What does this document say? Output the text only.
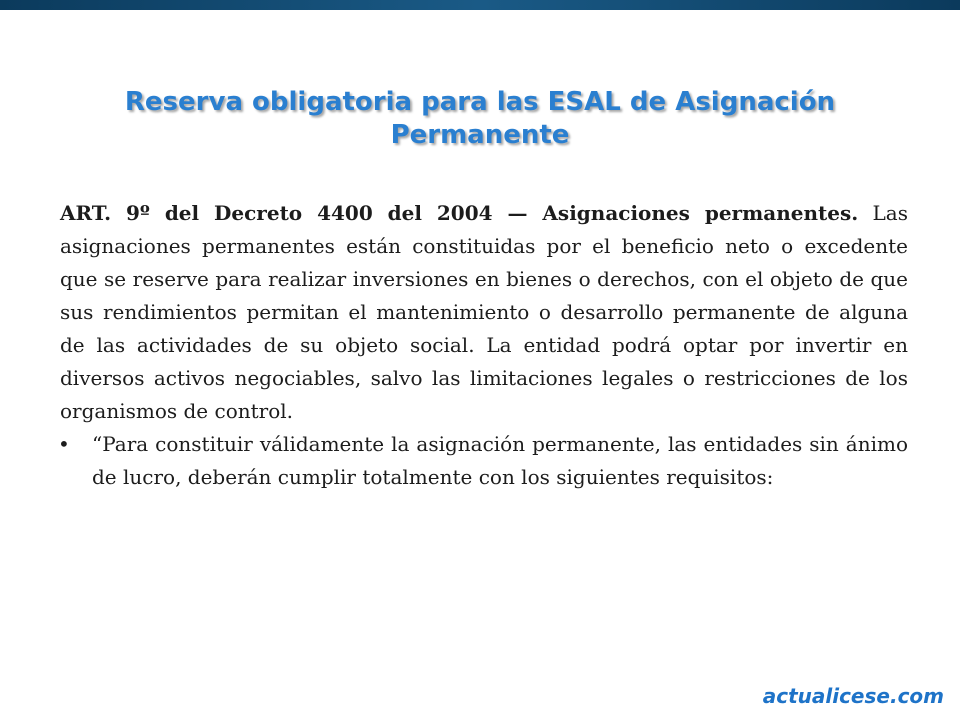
Reserva obligatoria para las ESAL de Asignación Permanente

ART. 9º del Decreto 4400 del 2004 — Asignaciones permanentes. Las asignaciones permanentes están constituidas por el beneficio neto o excedente que se reserve para realizar inversiones en bienes o derechos, con el objeto de que sus rendimientos permitan el mantenimiento o desarrollo permanente de alguna de las actividades de su objeto social. La entidad podrá optar por invertir en diversos activos negociables, salvo las limitaciones legales o restricciones de los organismos de control.

•	“Para constituir válidamente la asignación permanente, las entidades sin ánimo de lucro, deberán cumplir totalmente con los siguientes requisitos:
actualicese.com
